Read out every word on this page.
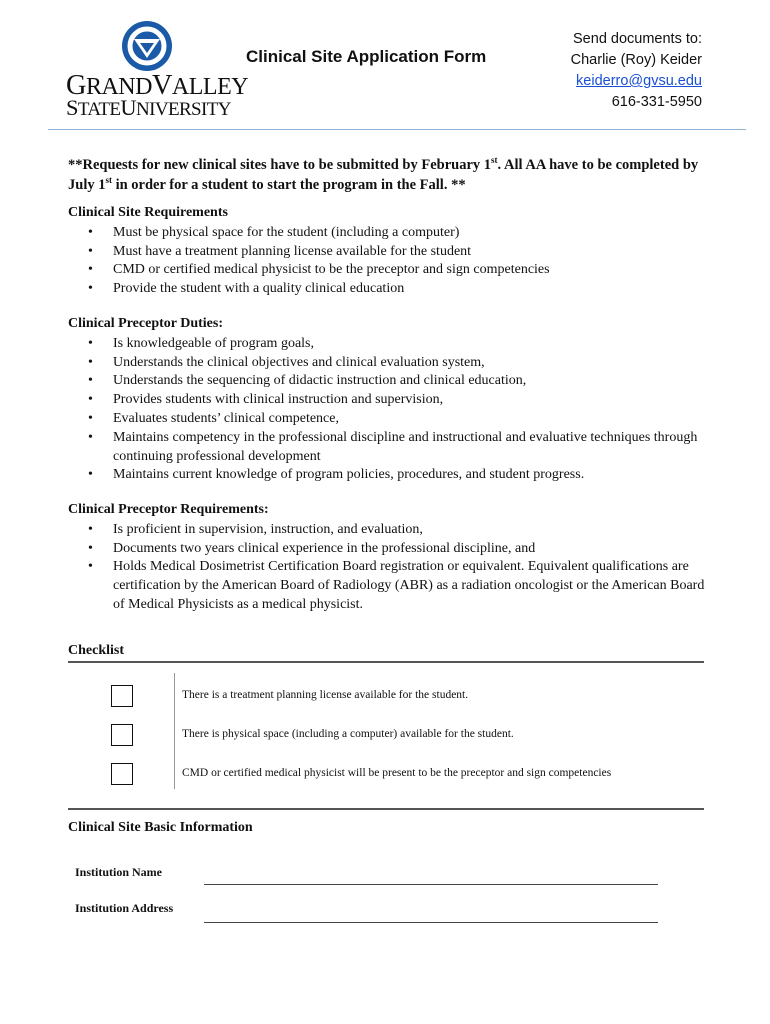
GRANDVALLEY
STATEUNIVERSITY
Clinical Site Application Form
Send documents to:
Charlie (Roy) Keider
keiderro@gvsu.edu
616-331-5950
**Requests for new clinical sites have to be submitted by February 1st. All AA have to be completed by July 1st in order for a student to start the program in the Fall. **
Clinical Site Requirements
• Must be physical space for the student (including a computer)
• Must have a treatment planning license available for the student
• CMD or certified medical physicist to be the preceptor and sign competencies
• Provide the student with a quality clinical education
Clinical Preceptor Duties:
• Is knowledgeable of program goals,
• Understands the clinical objectives and clinical evaluation system,
• Understands the sequencing of didactic instruction and clinical education,
• Provides students with clinical instruction and supervision,
• Evaluates students’ clinical competence,
• Maintains competency in the professional discipline and instructional and evaluative techniques through continuing professional development
• Maintains current knowledge of program policies, procedures, and student progress.
Clinical Preceptor Requirements:
• Is proficient in supervision, instruction, and evaluation,
• Documents two years clinical experience in the professional discipline, and
• Holds Medical Dosimetrist Certification Board registration or equivalent. Equivalent qualifications are certification by the American Board of Radiology (ABR) as a radiation oncologist or the American Board of Medical Physicists as a medical physicist.
Checklist
There is a treatment planning license available for the student.
There is physical space (including a computer) available for the student.
CMD or certified medical physicist will be present to be the preceptor and sign competencies
Clinical Site Basic Information
Institution Name
Institution Address
